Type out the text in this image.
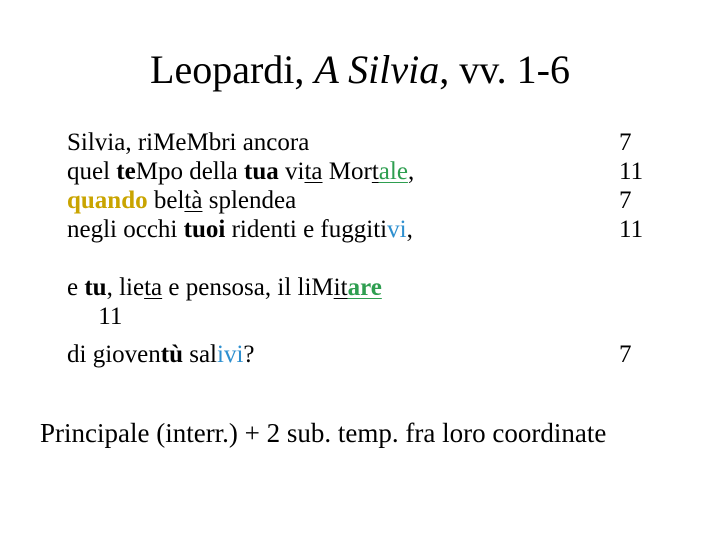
Leopardi, A Silvia, vv. 1-6
Silvia, riMeMbri ancora	7
quel teMpo della tua vita Mortale,	11
quando beltà splendea	7
negli occhi tuoi ridenti e fuggitivi,	11
e tu, lieta e pensosa, il liMitare
11
di gioventù salivi?	7
Principale (interr.) + 2 sub. temp. fra loro coordinate
